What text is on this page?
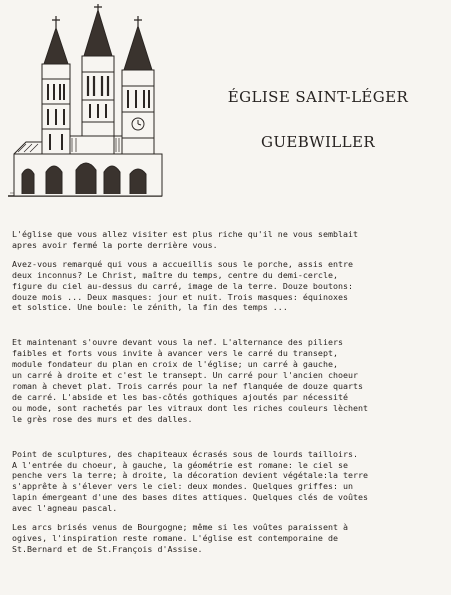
ÉGLISE SAINT-LÉGER
GUEBWILLER

L'église que vous allez visiter est plus riche qu'il ne vous semblait
apres avoir fermé la porte derrière vous.

Avez-vous remarqué qui vous a accueillis sous le porche, assis entre
deux inconnus? Le Christ, maître du temps, centre du demi-cercle,
figure du ciel au-dessus du carré, image de la terre. Douze boutons:
douze mois ... Deux masques: jour et nuit. Trois masques: équinoxes
et solstice. Une boule: le zénith, la fin des temps ...

Et maintenant s'ouvre devant vous la nef. L'alternance des piliers
faibles et forts vous invite à avancer vers le carré du transept,
module fondateur du plan en croix de l'église; un carré à gauche,
un carré à droite et c'est le transept. Un carré pour l'ancien choeur
roman à chevet plat. Trois carrés pour la nef flanquée de douze quarts
de carré. L'abside et les bas-côtés gothiques ajoutés par nécessité
ou mode, sont rachetés par les vitraux dont les riches couleurs lèchent
le grès rose des murs et des dalles.

Point de sculptures, des chapiteaux écrasés sous de lourds tailloirs.
A l'entrée du choeur, à gauche, la géométrie est romane: le ciel se
penche vers la terre; à droite, la décoration devient végétale:la terre
s'apprête à s'élever vers le ciel: deux mondes. Quelques griffes: un
lapin émergeant d'une des bases dites attiques. Quelques clés de voûtes
avec l'agneau pascal.

Les arcs brisés venus de Bourgogne; même si les voûtes paraissent à
ogives, l'inspiration reste romane. L'église est contemporaine de
St.Bernard et de St.François d'Assise.
